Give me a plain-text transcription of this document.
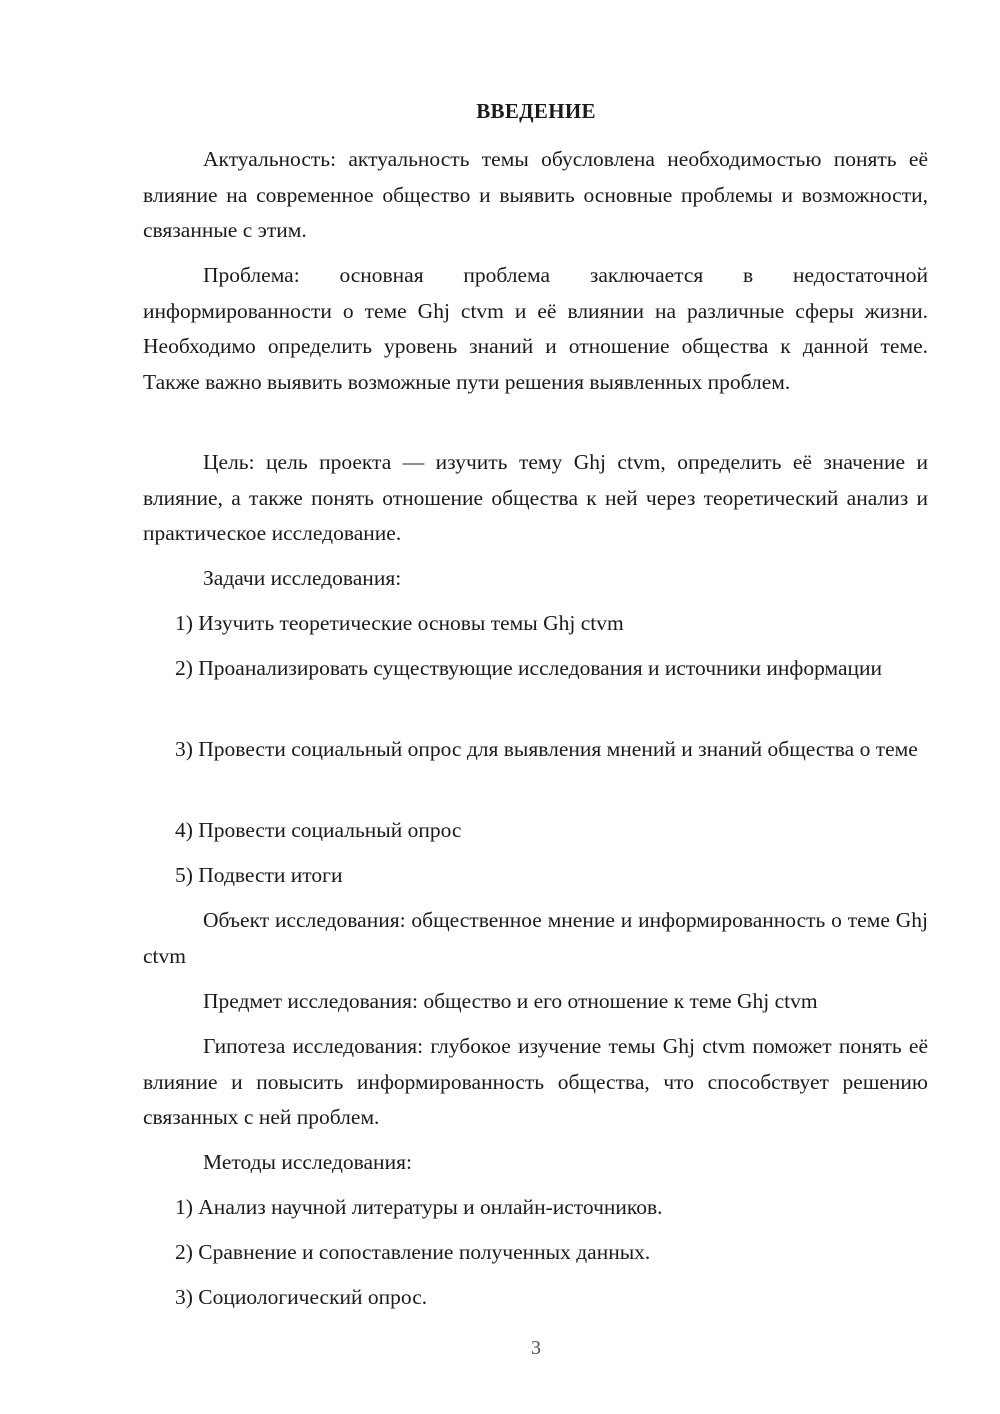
ВВЕДЕНИЕ
Актуальность: актуальность темы обусловлена необходимостью понять её влияние на современное общество и выявить основные проблемы и возможности, связанные с этим.
Проблема: основная проблема заключается в недостаточной информированности о теме Ghj ctvm и её влиянии на различные сферы жизни. Необходимо определить уровень знаний и отношение общества к данной теме. Также важно выявить возможные пути решения выявленных проблем.
Цель: цель проекта — изучить тему Ghj ctvm, определить её значение и влияние, а также понять отношение общества к ней через теоретический анализ и практическое исследование.
Задачи исследования:
1) Изучить теоретические основы темы Ghj ctvm
2) Проанализировать существующие исследования и источники информации
3) Провести социальный опрос для выявления мнений и знаний общества о теме
4) Провести социальный опрос
5) Подвести итоги
Объект исследования: общественное мнение и информированность о теме Ghj ctvm
Предмет исследования: общество и его отношение к теме Ghj ctvm
Гипотеза исследования: глубокое изучение темы Ghj ctvm поможет понять её влияние и повысить информированность общества, что способствует решению связанных с ней проблем.
Методы исследования:
1) Анализ научной литературы и онлайн-источников.
2) Сравнение и сопоставление полученных данных.
3) Социологический опрос.
3
